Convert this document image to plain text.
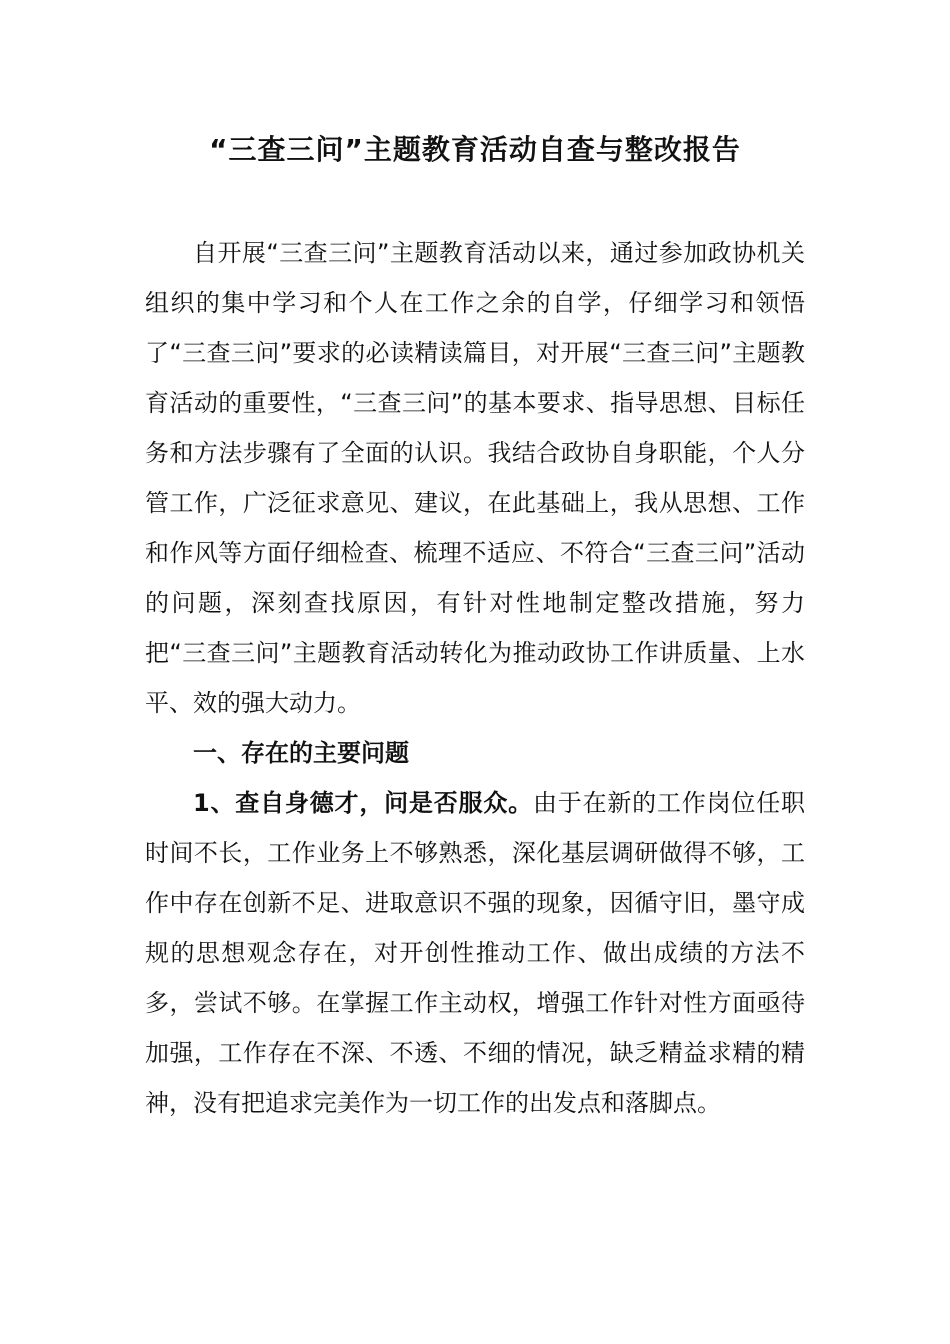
“三查三问”主题教育活动自查与整改报告

自开展“三查三问”主题教育活动以来，通过参加政协机关组织的集中学习和个人在工作之余的自学，仔细学习和领悟了“三查三问”要求的必读精读篇目，对开展“三查三问”主题教育活动的重要性，“三查三问”的基本要求、指导思想、目标任务和方法步骤有了全面的认识。我结合政协自身职能，个人分管工作，广泛征求意见、建议，在此基础上，我从思想、工作和作风等方面仔细检查、梳理不适应、不符合“三查三问”活动的问题，深刻查找原因，有针对性地制定整改措施，努力把“三查三问”主题教育活动转化为推动政协工作讲质量、上水平、效的强大动力。

一、存在的主要问题

1、查自身德才，问是否服众。由于在新的工作岗位任职时间不长，工作业务上不够熟悉，深化基层调研做得不够，工作中存在创新不足、进取意识不强的现象，因循守旧，墨守成规的思想观念存在，对开创性推动工作、做出成绩的方法不多，尝试不够。在掌握工作主动权，增强工作针对性方面亟待加强，工作存在不深、不透、不细的情况，缺乏精益求精的精神，没有把追求完美作为一切工作的出发点和落脚点。
